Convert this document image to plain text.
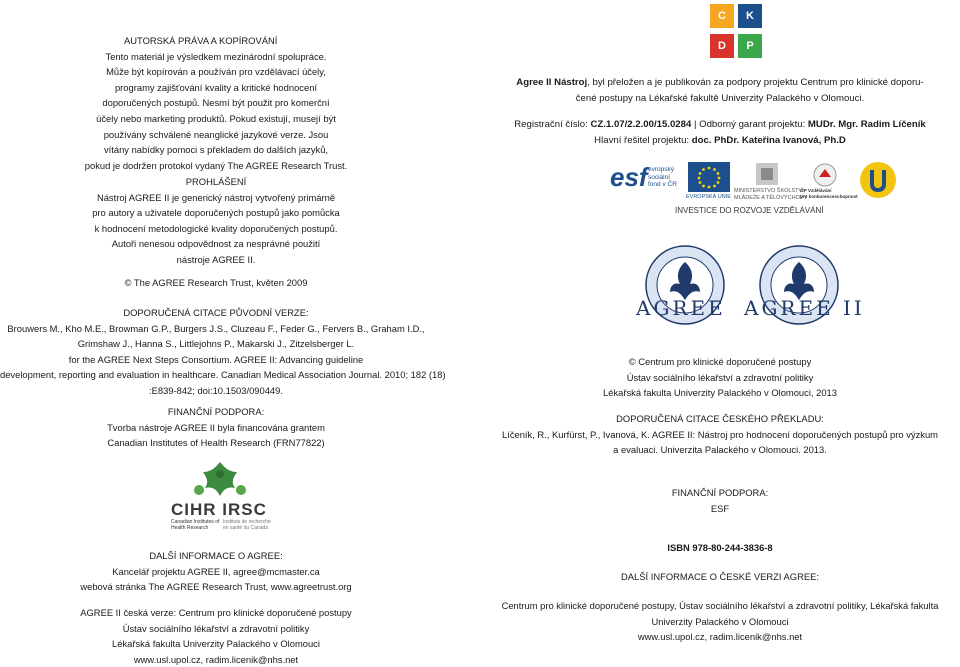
AUTORSKÁ PRÁVA A KOPÍROVÁNÍ
Tento materiál je výsledkem mezinárodní spolupráce.
Může být kopírován a používán pro vzdělávací účely,
programy zajišťování kvality a kritické hodnocení
doporučených postupů. Nesmí být použit pro komerční
účely nebo marketing produktů. Pokud existují, musejí být
používány schválené neanglické jazykové verze. Jsou
vítány nabídky pomoci s překladem do dalších jazyků,
pokud je dodržen protokol vydaný The AGREE Research Trust.
PROHLÁŠENÍ
Nástroj AGREE II je generický nástroj vytvořený primárně
pro autory a uživatele doporučených postupů jako pomůcka
k hodnocení metodologické kvality doporučených postupů.
Autoři nenesou odpovědnost za nesprávné použití
nástroje AGREE II.
© The AGREE Research Trust, květen 2009
DOPORUČENÁ CITACE PŮVODNÍ VERZE:
Brouwers M., Kho M.E., Browman G.P., Burgers J.S., Cluzeau F., Feder G., Fervers B., Graham I.D.,
Grimshaw J., Hanna S., Littlejohns P., Makarski J., Zitzelsberger L.
for the AGREE Next Steps Consortium. AGREE II: Advancing guideline
development, reporting and evaluation in healthcare. Canadian Medical Association Journal. 2010; 182 (18)
:E839-842; doi:10.1503/090449.
FINANČNÍ PODPORA:
Tvorba nástroje AGREE II byla financována grantem
Canadian Institutes of Health Research (FRN77822)
CIHR IRSC
Canadian Institutes of Health Research
Instituts de recherche en santé du Canada
DALŠÍ INFORMACE O AGREE:
Kancelář projektu AGREE II, agree@mcmaster.ca
webová stránka The AGREE Research Trust, www.agreetrust.org
AGREE II česká verze: Centrum pro klinické doporučené postupy
Ústav sociálního lékařství a zdravotní politiky
Lékařská fakulta Univerzity Palackého v Olomouci
www.usl.upol.cz, radim.licenik@nhs.net
C	K
D	P
Agree II Nástroj, byl přeložen a je publikován za podpory projektu Centrum pro klinické doporu-
čené postupy na Lékařské fakultě Univerzity Palackého v Olomouci.
Registrační číslo: CZ.1.07/2.2.00/15.0284 | Odborný garant projektu: MUDr. Mgr. Radim Líčeník
Hlavní řešitel projektu: doc. PhDr. Kateřina Ivanová, Ph.D
esf evropský
sociální
fond v ČR
EVROPSKÁ UNIE
MINISTERSTVO ŠKOLSTVÍ,
MLÁDEŽE A TĚLOVÝCHOVY
OP Vzdělávání
pro konkurenceschopnost
INVESTICE DO ROZVOJE VZDĚLÁVÁNÍ
AGREE AGREE II
© Centrum pro klinické doporučené postupy
Ústav sociálního lékařství a zdravotní politiky
Lékařská fakulta Univerzity Palackého v Olomouci, 2013
DOPORUČENÁ CITACE ČESKÉHO PŘEKLADU:
Líčeník, R., Kurfürst, P., Ivanová, K. AGREE II: Nástroj pro hodnocení doporučených postupů pro výzkum
a evaluaci. Univerzita Palackého v Olomouci. 2013.
FINANČNÍ PODPORA:
ESF
ISBN 978-80-244-3836-8
DALŠÍ INFORMACE O ČESKÉ VERZI AGREE:
Centrum pro klinické doporučené postupy, Ústav sociálního lékařství a zdravotní politiky, Lékařská fakulta
Univerzity Palackého v Olomouci
www.usl.upol.cz, radim.licenik@nhs.net
